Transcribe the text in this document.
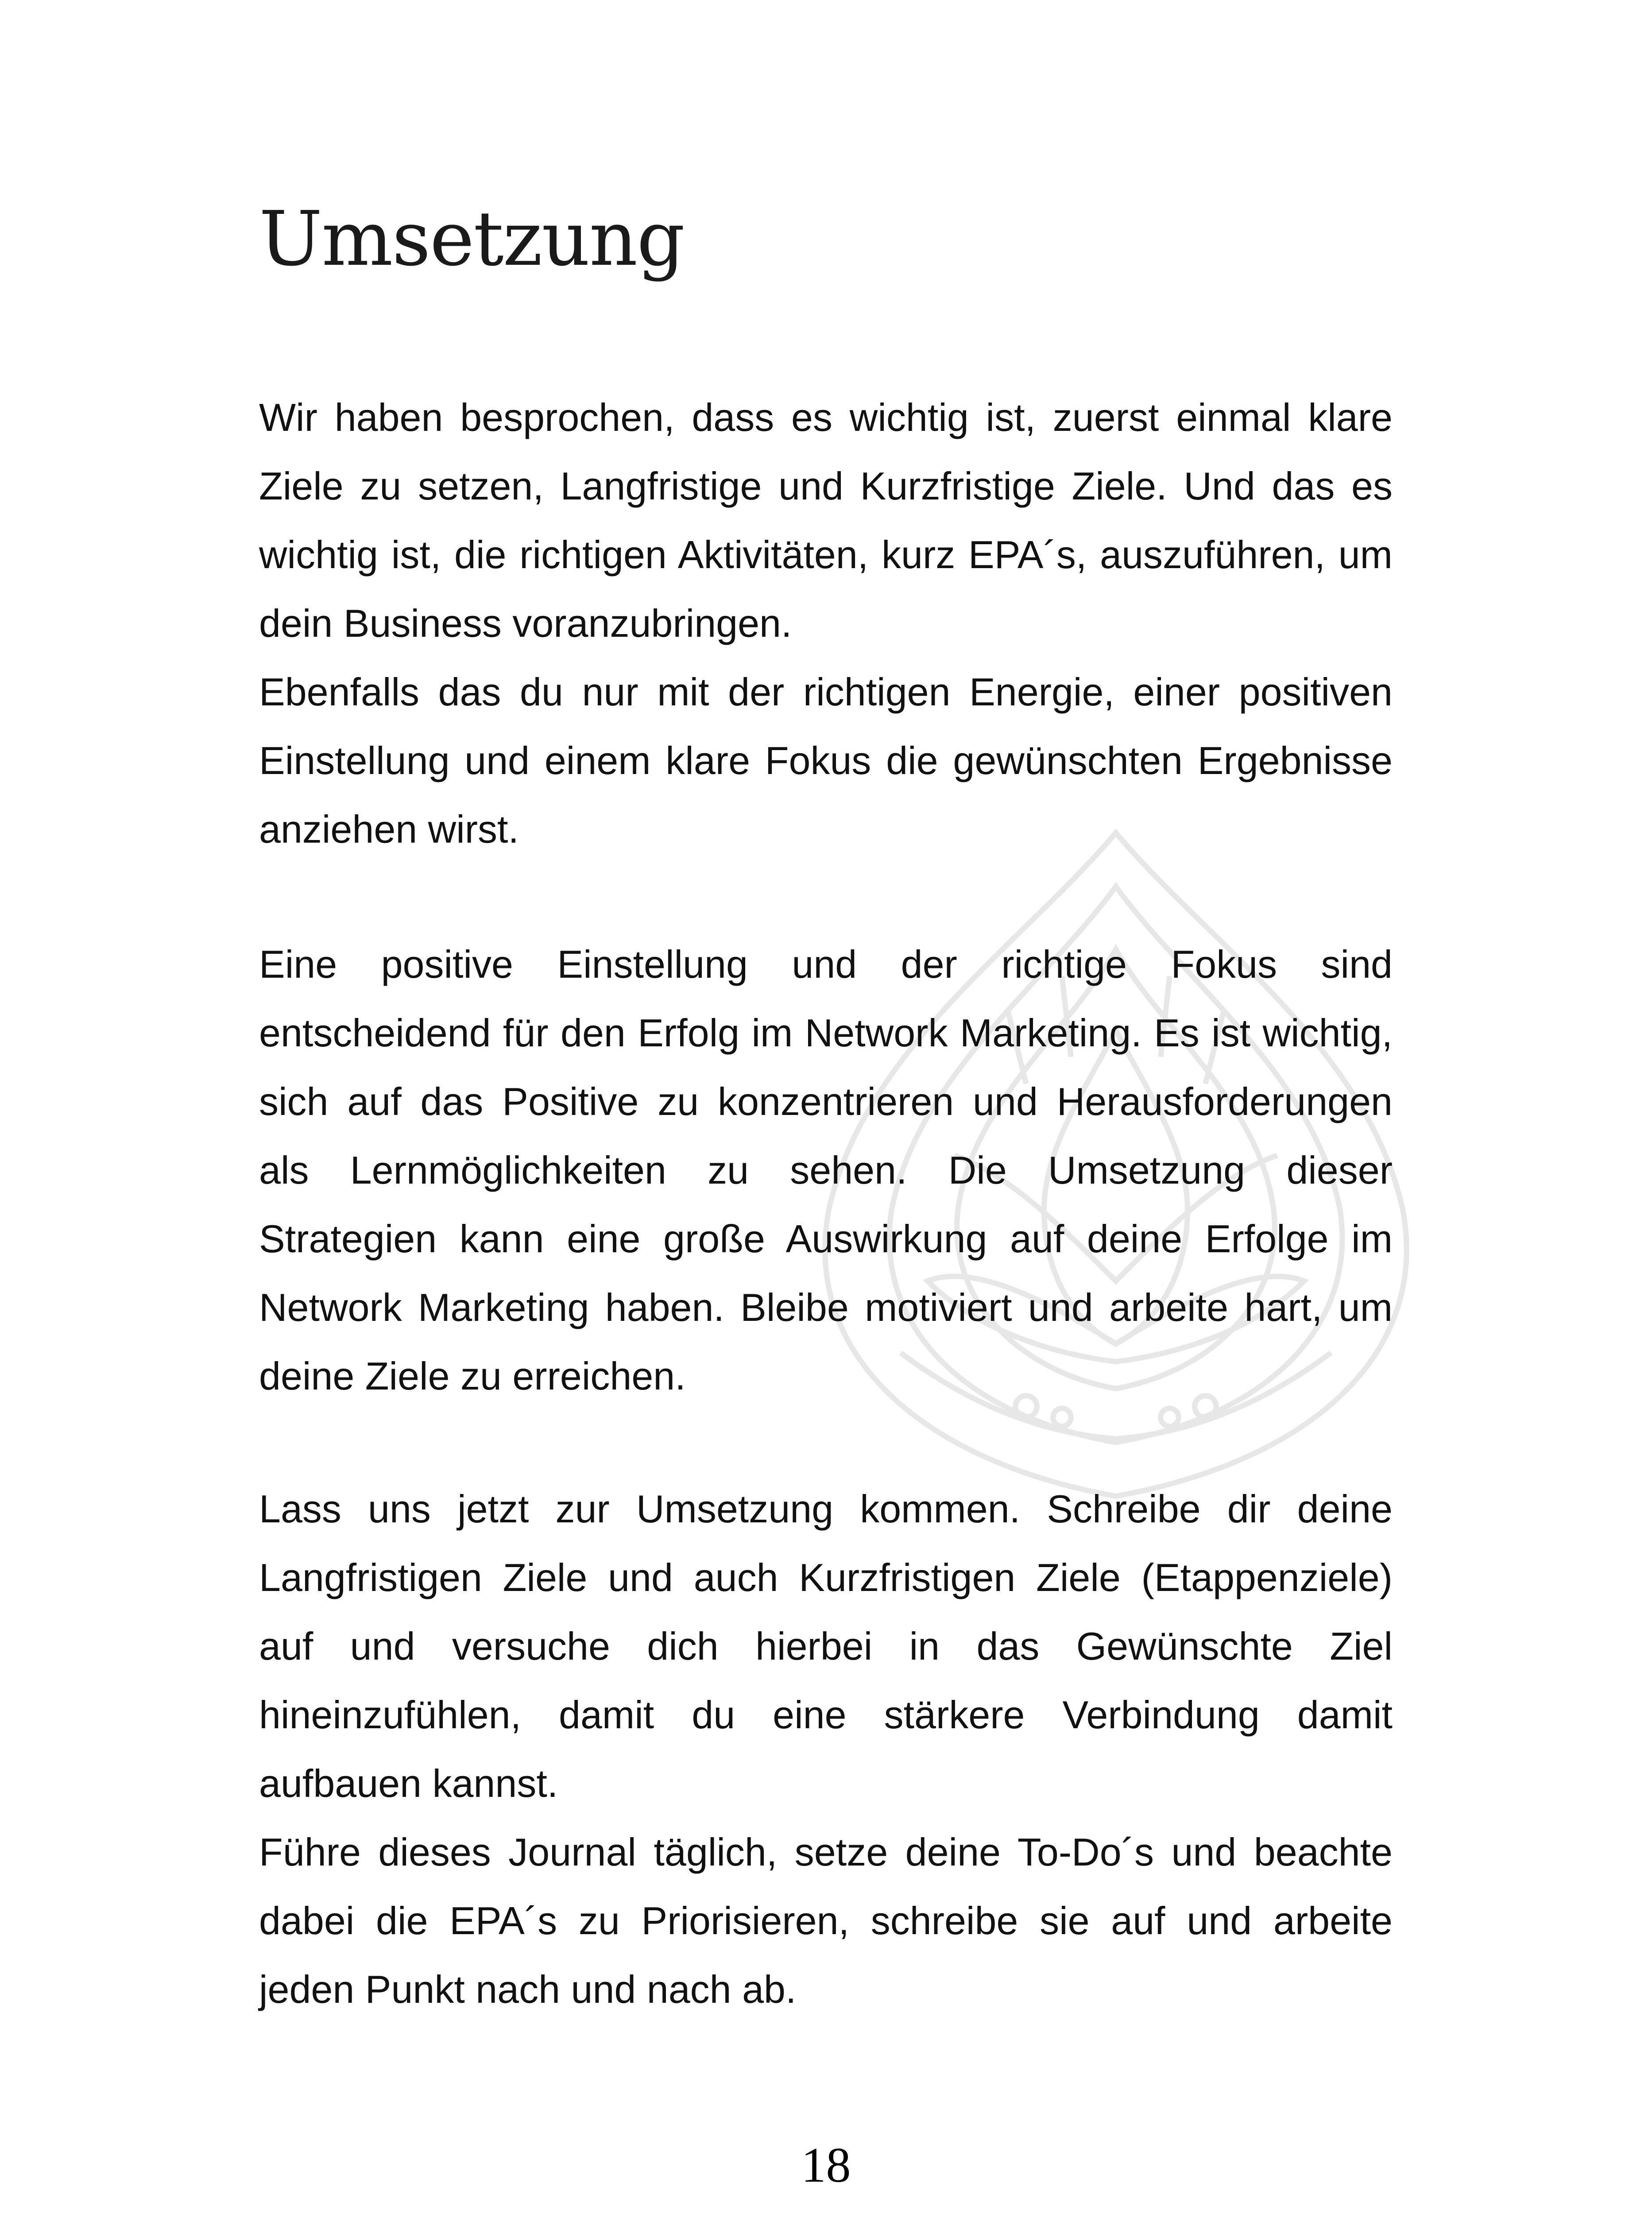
Umsetzung

Wir haben besprochen, dass es wichtig ist, zuerst einmal klare Ziele zu setzen, Langfristige und Kurzfristige Ziele. Und das es wichtig ist, die richtigen Aktivitäten, kurz EPA´s, auszuführen, um dein Business voranzubringen.

Ebenfalls das du nur mit der richtigen Energie, einer positiven Einstellung und einem klare Fokus die gewünschten Ergebnisse anziehen wirst.

Eine positive Einstellung und der richtige Fokus sind entscheidend für den Erfolg im Network Marketing. Es ist wichtig, sich auf das Positive zu konzentrieren und Herausforderungen als Lernmöglichkeiten zu sehen. Die Umsetzung dieser Strategien kann eine große Auswirkung auf deine Erfolge im Network Marketing haben. Bleibe motiviert und arbeite hart, um deine Ziele zu erreichen.

Lass uns jetzt zur Umsetzung kommen. Schreibe dir deine Langfristigen Ziele und auch Kurzfristigen Ziele (Etappenziele) auf und versuche dich hierbei in das Gewünschte Ziel hineinzufühlen, damit du eine stärkere Verbindung damit aufbauen kannst.

Führe dieses Journal täglich, setze deine To-Do´s und beachte dabei die EPA´s zu Priorisieren, schreibe sie auf und arbeite jeden Punkt nach und nach ab.

18
